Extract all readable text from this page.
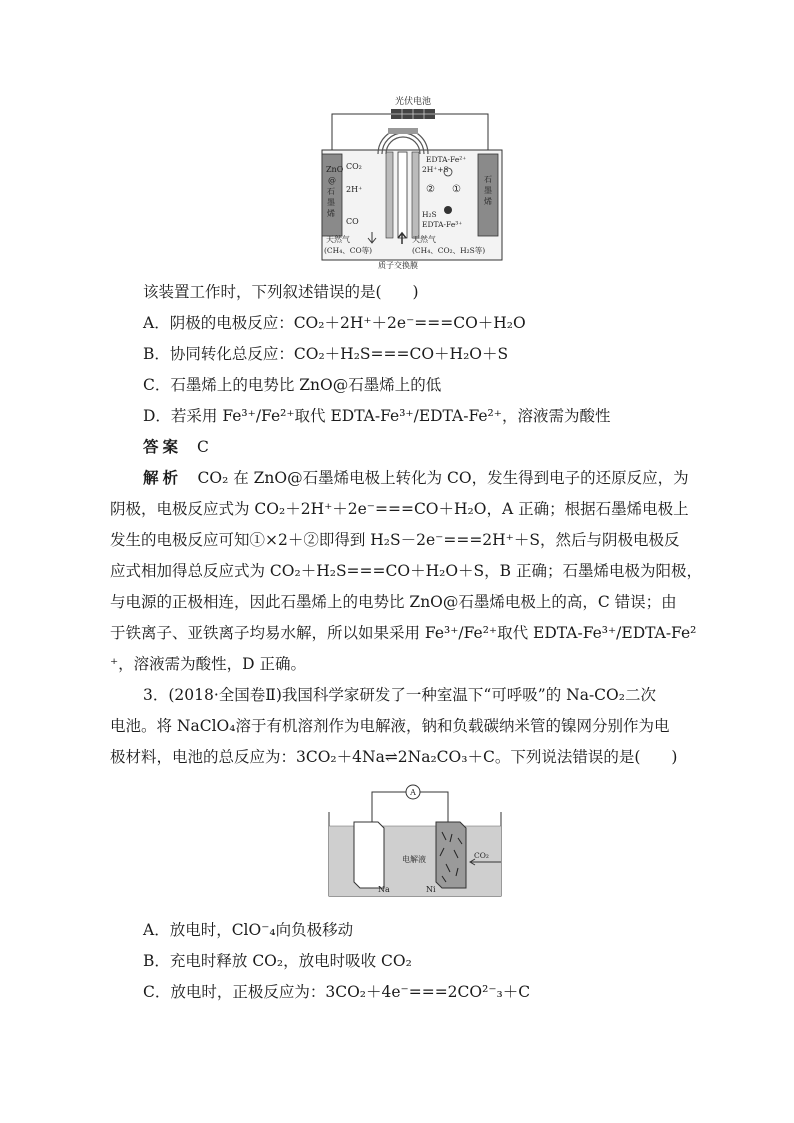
光伏电池
ZnO @石墨烯
石墨烯
CO₂
2H⁺
CO
2H⁺+S
EDTA-Fe²⁺
EDTA-Fe³⁺
H₂S
② ①
天然气
(CH₄、CO等)
天然气
(CH₄、CO₂、H₂S等)
质子交换膜
该装置工作时，下列叙述错误的是(　　)
A．阴极的电极反应：CO₂＋2H⁺＋2e⁻===CO＋H₂O
B．协同转化总反应：CO₂＋H₂S===CO＋H₂O＋S
C．石墨烯上的电势比 ZnO@石墨烯上的低
D．若采用 Fe³⁺/Fe²⁺取代 EDTA-Fe³⁺/EDTA-Fe²⁺，溶液需为酸性
答案 C
解析　CO₂ 在 ZnO@石墨烯电极上转化为 CO，发生得到电子的还原反应，为
阴极，电极反应式为 CO₂＋2H⁺＋2e⁻===CO＋H₂O，A 正确；根据石墨烯电极上
发生的电极反应可知①×2＋②即得到 H₂S－2e⁻===2H⁺＋S，然后与阴极电极反
应式相加得总反应式为 CO₂＋H₂S===CO＋H₂O＋S，B 正确；石墨烯电极为阳极，
与电源的正极相连，因此石墨烯上的电势比 ZnO@石墨烯电极上的高，C 错误；由
于铁离子、亚铁离子均易水解，所以如果采用 Fe³⁺/Fe²⁺取代 EDTA-Fe³⁺/EDTA-Fe²
⁺，溶液需为酸性，D 正确。
3．(2018·全国卷Ⅱ)我国科学家研发了一种室温下“可呼吸”的 Na-CO₂二次
电池。将 NaClO₄溶于有机溶剂作为电解液，钠和负载碳纳米管的镍网分别作为电
极材料，电池的总反应为：3CO₂＋4Na⇌2Na₂CO₃＋C。下列说法错误的是(　　)
A
电解液
Na	Ni
CO₂
A．放电时，ClO⁻₄向负极移动
B．充电时释放 CO₂，放电时吸收 CO₂
C．放电时，正极反应为：3CO₂＋4e⁻===2CO²⁻₃＋C
